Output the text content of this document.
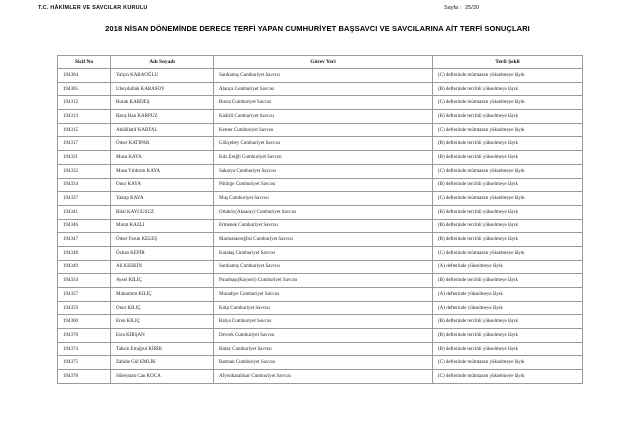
T.C. HÂKİMLER VE SAVCILAR KURULU	Sayfa : 25/30
2018 NİSAN DÖNEMİNDE DERECE TERFİ YAPAN CUMHURİYET BAŞSAVCI VE SAVCILARINA AİT TERFİ SONUÇLARI
Sicil No	Adı Soyadı	Görev Yeri	Terfi Şekli
194304	Yalçın KARAOĞLU	Sarıkamış Cumhuriyet Savcısı	(C) defterinde mümtazen yükselmeye lâyık
194305	Ubeydullah KARASOY	Alanya Cumhuriyet Savcısı	(B) defterinde tercihli yükselmeye lâyık
194312	Burak KARDEŞ	Bursa Cumhuriyet Savcısı	(C) defterinde mümtazen yükselmeye lâyık
194313	Barış Han KARPUZ	Kadirli Cumhuriyet Savcısı	(B) defterinde tercihli yükselmeye lâyık
194315	Abdüllatif KARTAL	Kemer Cumhuriyet Savcısı	(C) defterinde mümtazen yükselmeye lâyık
194317	Ömer KATIPAR	Gökçebey Cumhuriyet Savcısı	(B) defterinde tercihli yükselmeye lâyık
194331	Musa KAYA	Kdz.Ereğli Cumhuriyet Savcısı	(B) defterinde tercihli yükselmeye lâyık
194332	Musa Yıldırım KAYA	Sakarya Cumhuriyet Savcısı	(C) defterinde mümtazen yükselmeye lâyık
194334	Onur KAYA	Pütürge Cumhuriyet Savcısı	(B) defterinde tercihli yükselmeye lâyık
194337	Yakup KAYA	Muş Cumhuriyet Savcısı	(C) defterinde mümtazen yükselmeye lâyık
194341	Bilal KAYGUSUZ	Ortaköy(Aksaray) Cumhuriyet Savcısı	(B) defterinde tercihli yükselmeye lâyık
194346	Murat KAZLI	Ermenek Cumhuriyet Savcısı	(B) defterinde tercihli yükselmeye lâyık
194347	Ömer Faruk KELEŞ	Marmaraereğlisi Cumhuriyet Savcısı	(B) defterinde tercihli yükselmeye lâyık
194348	Özkan KEPİR	Karataş Cumhuriyet Savcısı	(C) defterinde mümtazen yükselmeye lâyık
194349	Ali KESKİN	Sarıkamış Cumhuriyet Savcısı	(A) defterinde yükselmeye lâyık
194354	Aysel KILIÇ	Pınarbaşı(Kayseri) Cumhuriyet Savcısı	(B) defterinde tercihli yükselmeye lâyık
194357	Muharrem KILIÇ	Muradiye Cumhuriyet Savcısı	(A) defterinde yükselmeye lâyık
194359	Onur KILIÇ	Kulp Cumhuriyet Savcısı	(A) defterinde yükselmeye lâyık
194360	Eren KILIÇ	Balya Cumhuriyet Savcısı	(B) defterinde tercihli yükselmeye lâyık
194370	Esra KIRŞAN	Devrek Cumhuriyet Savcısı	(B) defterinde tercihli yükselmeye lâyık
194374	Tahsin Ertuğrul KİRİK	Hatay Cumhuriyet Savcısı	(B) defterinde tercihli yükselmeye lâyık
194375	Zahide Gül EMLİK	Batman Cumhuriyet Savcısı	(C) defterinde mümtazen yükselmeye lâyık
194378	Süleyman Can KOCA	Afyonkarahisar Cumhuriyet Savcısı	(C) defterinde mümtazen yükselmeye lâyık
